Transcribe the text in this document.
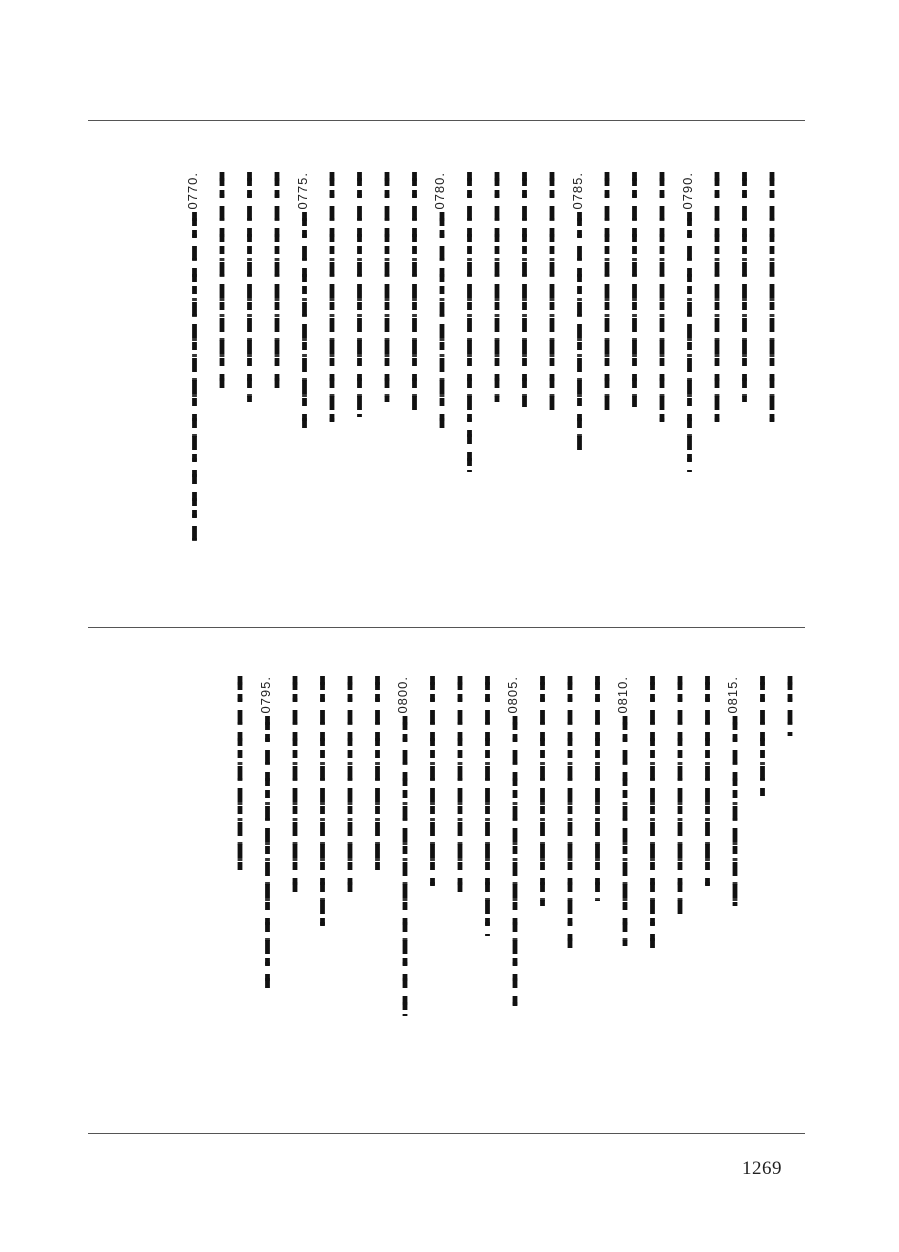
0790.
0785.
0780.
0775.
0770.
0815.
0810.
0805.
0800.
0795.
1269
